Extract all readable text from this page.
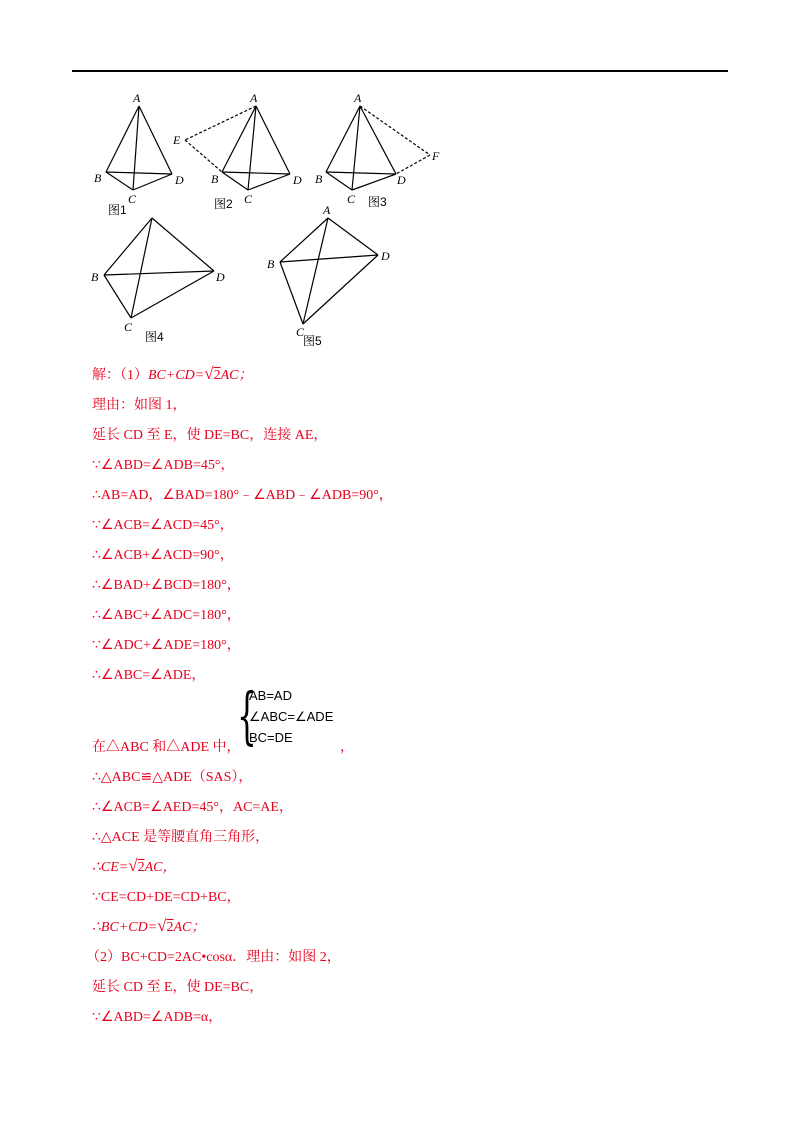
A
B
C
D
图1
A
E
B
C
D
图2
A
B
C
D
F
图3
B	D
C
图4
A
B
D
C
图5
解：（1）BC+CD=√2AC；
理由：如图 1，
延长 CD 至 E，使 DE=BC，连接 AE，
∵∠ABD=∠ADB=45°，
∴AB=AD，∠BAD=180°﹣∠ABD﹣∠ADB=90°，
∵∠ACB=∠ACD=45°，
∴∠ACB+∠ACD=90°，
∴∠BAD+∠BCD=180°，
∴∠ABC+∠ADC=180°，
∵∠ADC+∠ADE=180°，
∴∠ABC=∠ADE，
{
AB=AD
∠ABC=∠ADE
BC=DE
在△ABC 和△ADE 中，	，
∴△ABC≌△ADE（SAS），
∴∠ACB=∠AED=45°，AC=AE，
∴△ACE 是等腰直角三角形，
∴CE=√2AC，
∵CE=CD+DE=CD+BC，
∴BC+CD=√2AC；
（2）BC+CD=2AC•cosα．理由：如图 2，
延长 CD 至 E，使 DE=BC，
∵∠ABD=∠ADB=α，
